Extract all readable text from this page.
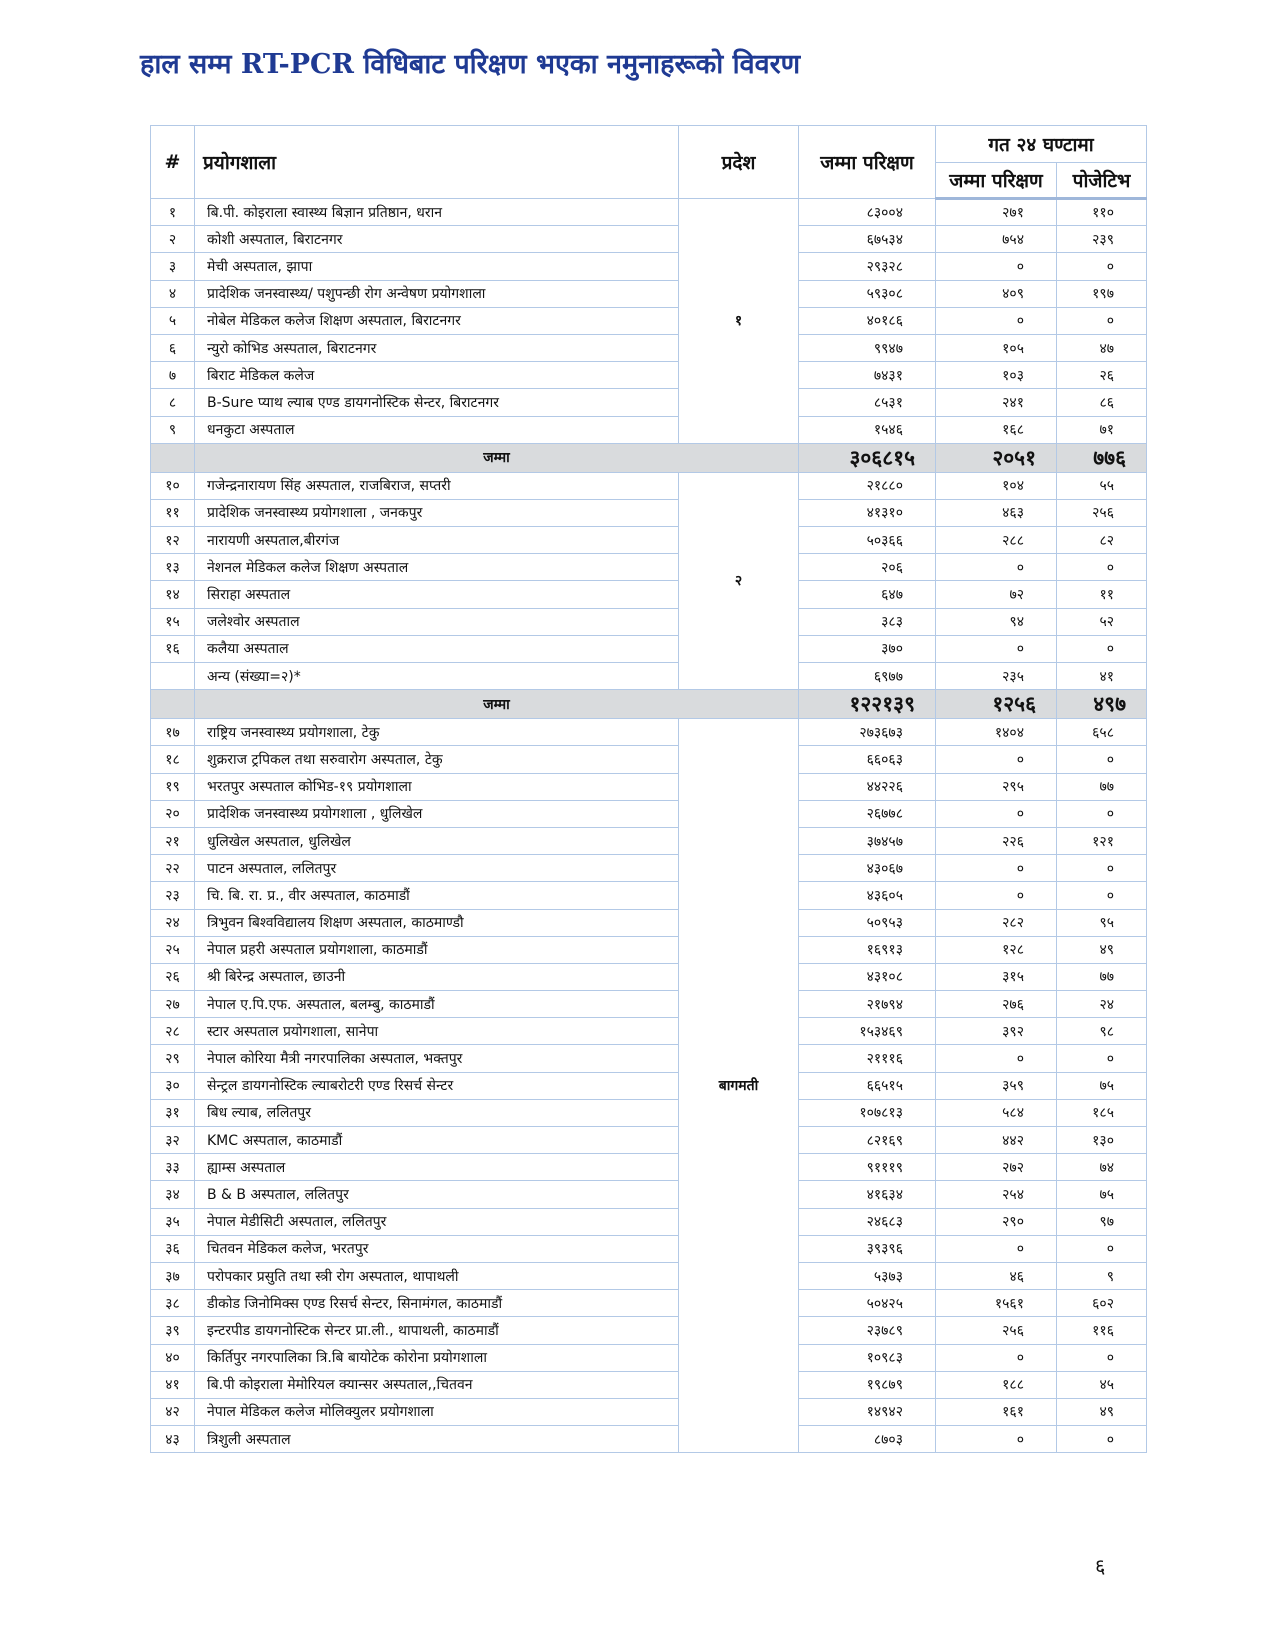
हाल सम्म RT-PCR विधिबाट परिक्षण भएका नमुनाहरूको विवरण
#	प्रयोगशाला	प्रदेश	जम्मा परिक्षण	गत २४ घण्टामा	
				जम्मा परिक्षण	पोजेटिभ
१	बि.पी. कोइराला स्वास्थ्य बिज्ञान प्रतिष्ठान, धरान	१	८३००४	२७१	११०
२	कोशी अस्पताल, बिराटनगर		६७५३४	७५४	२३९
३	मेची अस्पताल, झापा		२९३२८	०	०
४	प्रादेशिक जनस्वास्थ्य/ पशुपन्छी रोग अन्वेषण प्रयोगशाला		५९३०८	४०९	१९७
५	नोबेल मेडिकल कलेज शिक्षण अस्पताल, बिराटनगर		४०१८६	०	०
६	न्युरो कोभिड अस्पताल, बिराटनगर		९९४७	१०५	४७
७	बिराट मेडिकल कलेज		७४३१	१०३	२६
८	B-Sure प्याथ ल्याब एण्ड डायगनोस्टिक सेन्टर, बिराटनगर		८५३१	२४१	८६
९	धनकुटा अस्पताल		१५४६	१६८	७१
	जम्मा		३०६८१५	२०५१	७७६
१०	गजेन्द्रनारायण सिंह अस्पताल, राजबिराज, सप्तरी	२	२१८८०	१०४	५५
११	प्रादेशिक जनस्वास्थ्य प्रयोगशाला , जनकपुर		४१३१०	४६३	२५६
१२	नारायणी अस्पताल,बीरगंज		५०३६६	२८८	८२
१३	नेशनल मेडिकल कलेज शिक्षण अस्पताल		२०६	०	०
१४	सिराहा अस्पताल		६४७	७२	११
१५	जलेश्वोर अस्पताल		३८३	९४	५२
१६	कलैया अस्पताल		३७०	०	०
	अन्य (संख्या=२)*		६९७७	२३५	४१
	जम्मा		१२२१३९	१२५६	४९७
१७	राष्ट्रिय जनस्वास्थ्य प्रयोगशाला, टेकु	बागमती	२७३६७३	१४०४	६५८
१८	शुक्रराज ट्रपिकल तथा सरुवारोग अस्पताल, टेकु		६६०६३	०	०
१९	भरतपुर अस्पताल कोभिड-१९ प्रयोगशाला		४४२२६	२९५	७७
२०	प्रादेशिक जनस्वास्थ्य प्रयोगशाला , धुलिखेल		२६७७८	०	०
२१	धुलिखेल अस्पताल, धुलिखेल		३७४५७	२२६	१२१
२२	पाटन अस्पताल, ललितपुर		४३०६७	०	०
२३	चि. बि. रा. प्र., वीर अस्पताल, काठमाडौं		४३६०५	०	०
२४	त्रिभुवन बिश्वविद्यालय शिक्षण अस्पताल, काठमाण्डौ		५०९५३	२८२	९५
२५	नेपाल प्रहरी अस्पताल प्रयोगशाला, काठमाडौं		१६९१३	१२८	४९
२६	श्री बिरेन्द्र अस्पताल, छाउनी		४३१०८	३१५	७७
२७	नेपाल ए.पि.एफ. अस्पताल, बलम्बु, काठमाडौं		२१७९४	२७६	२४
२८	स्टार अस्पताल प्रयोगशाला, सानेपा		१५३४६९	३९२	९८
२९	नेपाल कोरिया मैत्री नगरपालिका अस्पताल, भक्तपुर		२१११६	०	०
३०	सेन्ट्रल डायगनोस्टिक ल्याबरोटरी एण्ड रिसर्च सेन्टर		६६५१५	३५९	७५
३१	बिध ल्याब, ललितपुर		१०७८१३	५८४	१८५
३२	KMC अस्पताल, काठमाडौं		८२१६९	४४२	१३०
३३	ह्याम्स अस्पताल		९१११९	२७२	७४
३४	B & B अस्पताल, ललितपुर		४१६३४	२५४	७५
३५	नेपाल मेडीसिटी अस्पताल, ललितपुर		२४६८३	२९०	९७
३६	चितवन मेडिकल कलेज, भरतपुर		३९३९६	०	०
३७	परोपकार प्रसुति तथा स्त्री रोग अस्पताल, थापाथली		५३७३	४६	९
३८	डीकोड जिनोमिक्स एण्ड रिसर्च सेन्टर, सिनामंगल, काठमाडौं		५०४२५	१५६१	६०२
३९	इन्टरपीड डायगनोस्टिक सेन्टर प्रा.ली., थापाथली, काठमाडौं		२३७८९	२५६	११६
४०	किर्तिपुर नगरपालिका त्रि.बि बायोटेक कोरोना प्रयोगशाला		१०९८३	०	०
४१	बि.पी कोइराला मेमोरियल क्यान्सर अस्पताल,,चितवन		१९८७९	१८८	४५
४२	नेपाल मेडिकल कलेज मोलिक्युलर प्रयोगशाला		१४९४२	१६१	४९
४३	त्रिशुली अस्पताल		८७०३	०	०
६
